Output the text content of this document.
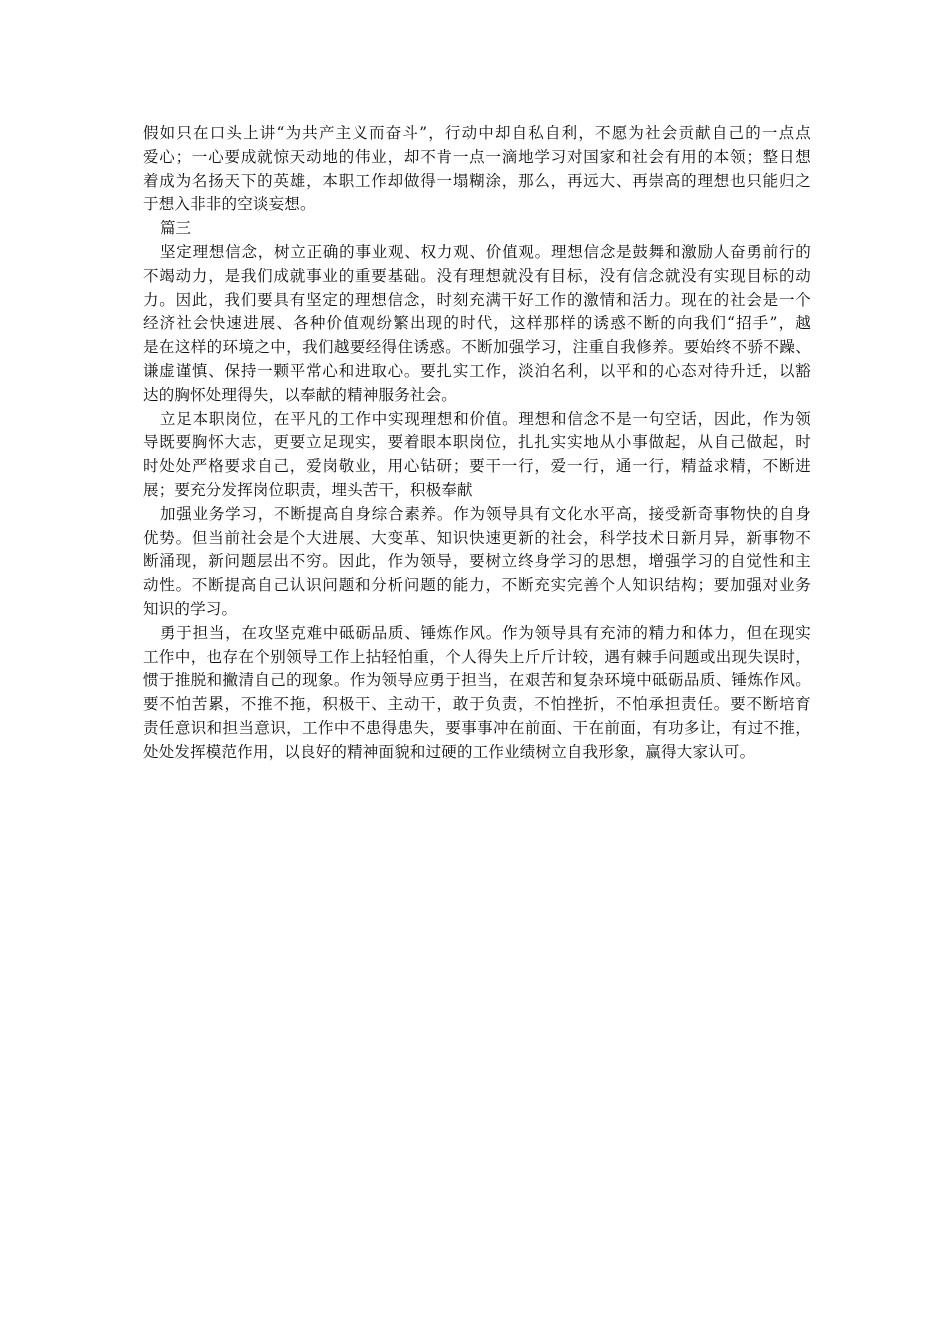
假如只在口头上讲“为共产主义而奋斗”，行动中却自私自利，不愿为社会贡献自己的一点点
爱心；一心要成就惊天动地的伟业，却不肯一点一滴地学习对国家和社会有用的本领；整日想
着成为名扬天下的英雄，本职工作却做得一塌糊涂，那么，再远大、再崇高的理想也只能归之
于想入非非的空谈妄想。
篇三
坚定理想信念，树立正确的事业观、权力观、价值观。理想信念是鼓舞和激励人奋勇前行的
不竭动力，是我们成就事业的重要基础。没有理想就没有目标，没有信念就没有实现目标的动
力。因此，我们要具有坚定的理想信念，时刻充满干好工作的激情和活力。现在的社会是一个
经济社会快速进展、各种价值观纷繁出现的时代，这样那样的诱惑不断的向我们“招手”，越
是在这样的环境之中，我们越要经得住诱惑。不断加强学习，注重自我修养。要始终不骄不躁、
谦虚谨慎、保持一颗平常心和进取心。要扎实工作，淡泊名利，以平和的心态对待升迁，以豁
达的胸怀处理得失，以奉献的精神服务社会。
立足本职岗位，在平凡的工作中实现理想和价值。理想和信念不是一句空话，因此，作为领
导既要胸怀大志，更要立足现实，要着眼本职岗位，扎扎实实地从小事做起，从自己做起，时
时处处严格要求自己，爱岗敬业，用心钻研；要干一行，爱一行，通一行，精益求精，不断进
展；要充分发挥岗位职责，埋头苦干，积极奉献
加强业务学习，不断提高自身综合素养。作为领导具有文化水平高，接受新奇事物快的自身
优势。但当前社会是个大进展、大变革、知识快速更新的社会，科学技术日新月异，新事物不
断涌现，新问题层出不穷。因此，作为领导，要树立终身学习的思想，增强学习的自觉性和主
动性。不断提高自己认识问题和分析问题的能力，不断充实完善个人知识结构；要加强对业务
知识的学习。
勇于担当，在攻坚克难中砥砺品质、锤炼作风。作为领导具有充沛的精力和体力，但在现实
工作中，也存在个别领导工作上拈轻怕重，个人得失上斤斤计较，遇有棘手问题或出现失误时，
惯于推脱和撇清自己的现象。作为领导应勇于担当，在艰苦和复杂环境中砥砺品质、锤炼作风。
要不怕苦累，不推不拖，积极干、主动干，敢于负责，不怕挫折，不怕承担责任。要不断培育
责任意识和担当意识，工作中不患得患失，要事事冲在前面、干在前面，有功多让，有过不推，
处处发挥模范作用，以良好的精神面貌和过硬的工作业绩树立自我形象，赢得大家认可。
